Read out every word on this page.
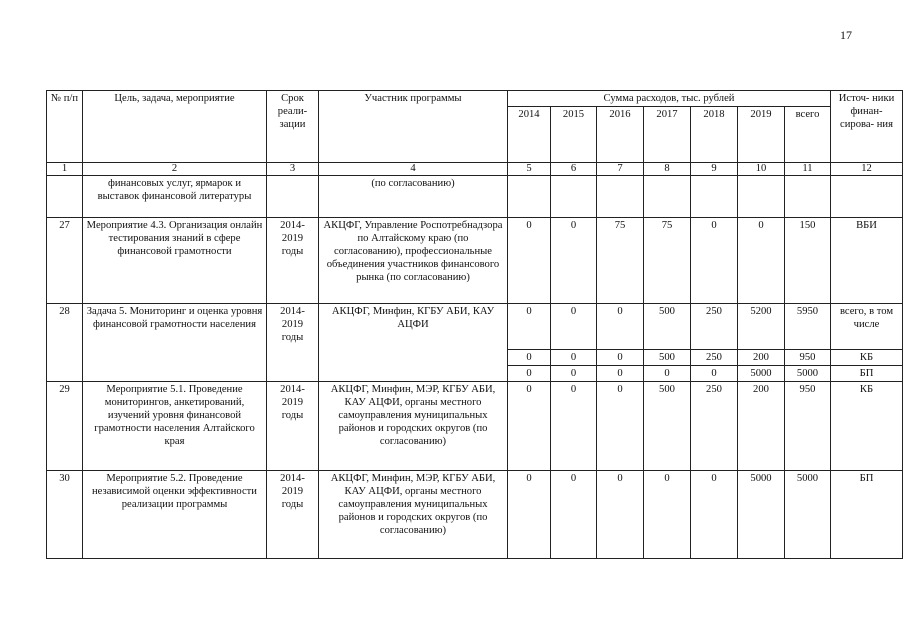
17
№ п/п	Цель, задача, мероприятие	Срок реали- зации	Участник программы	Сумма расходов, тыс. рублей							Источ- ники финан- сирова- ния
				2014	2015	2016	2017	2018	2019	всего	
1	2	3	4	5	6	7	8	9	10	11	12
	финансовых услуг, ярмарок и выставок финансовой литературы		(по согласованию)								
27	Мероприятие 4.3. Организация онлайн тестирования знаний в сфере финансовой грамотности	2014- 2019 годы	АКЦФГ, Управление Роспотребнадзора по Алтайскому краю (по согласованию), профессиональные объединения участников финансового рынка (по согласованию)	0	0	75	75	0	0	150	ВБИ
28	Задача 5. Мониторинг и оценка уровня финансовой грамотности населения	2014- 2019 годы	АКЦФГ, Минфин, КГБУ АБИ, КАУ АЦФИ	0	0	0	500	250	5200	5950	всего, в том числе
				0	0	0	500	250	200	950	КБ
				0	0	0	0	0	5000	5000	БП
29	Мероприятие 5.1. Проведение мониторингов, анкетирований, изучений уровня финансовой грамотности населения Алтайского края	2014- 2019 годы	АКЦФГ, Минфин, МЭР, КГБУ АБИ, КАУ АЦФИ, органы местного самоуправления муниципальных районов и городских округов (по согласованию)	0	0	0	500	250	200	950	КБ
30	Мероприятие 5.2. Проведение независимой оценки эффективности реализации программы	2014- 2019 годы	АКЦФГ, Минфин, МЭР, КГБУ АБИ, КАУ АЦФИ, органы местного самоуправления муниципальных районов и городских округов (по согласованию)	0	0	0	0	0	5000	5000	БП
